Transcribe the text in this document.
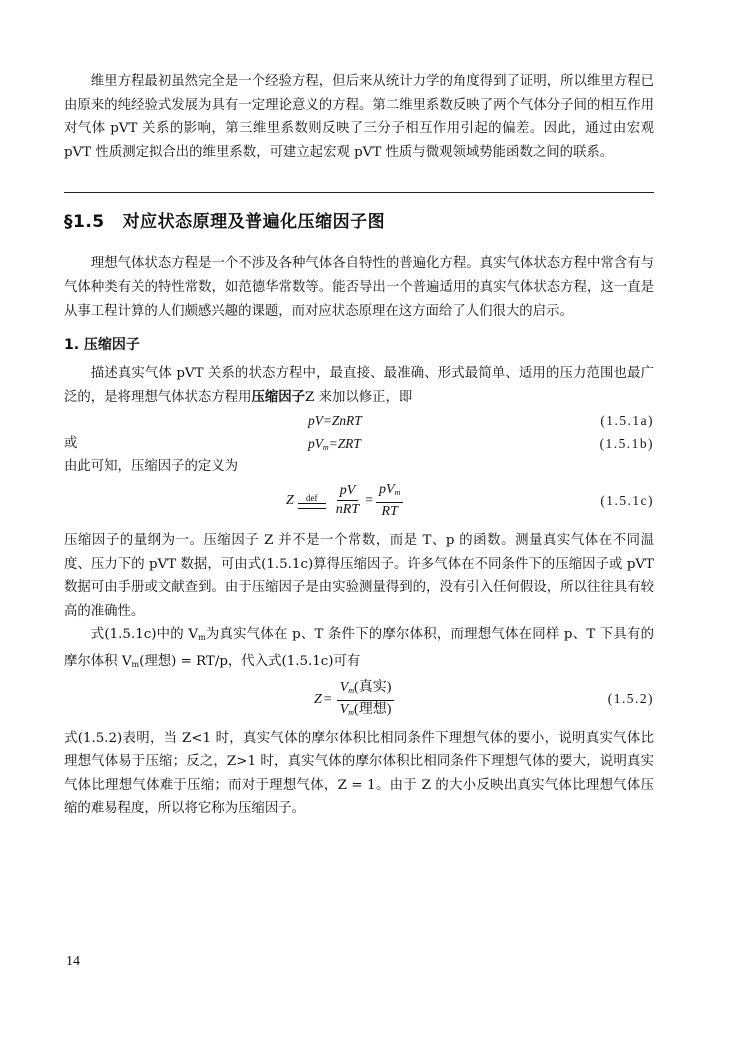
维里方程最初虽然完全是一个经验方程，但后来从统计力学的角度得到了证明，所以维里方程已由原来的纯经验式发展为具有一定理论意义的方程。第二维里系数反映了两个气体分子间的相互作用对气体 pVT 关系的影响，第三维里系数则反映了三分子相互作用引起的偏差。因此，通过由宏观 pVT 性质测定拟合出的维里系数，可建立起宏观 pVT 性质与微观领域势能函数之间的联系。

§1.5 对应状态原理及普遍化压缩因子图

理想气体状态方程是一个不涉及各种气体各自特性的普遍化方程。真实气体状态方程中常含有与气体种类有关的特性常数，如范德华常数等。能否导出一个普遍适用的真实气体状态方程，这一直是从事工程计算的人们颇感兴趣的课题，而对应状态原理在这方面给了人们很大的启示。

1. 压缩因子

描述真实气体 pVT 关系的状态方程中，最直接、最准确、形式最简单、适用的压力范围也最广泛的，是将理想气体状态方程用压缩因子Z 来加以修正，即

pV=ZnRT	(1.5.1a)
或	$pV_m=ZRT$	(1.5.1b)

由此可知，压缩因子的定义为

Z def $\frac{pV}{\text{nRT}} = \frac{pV_m}{RT}$	(1.5.1c)

压缩因子的量纲为一。压缩因子 Z 并不是一个常数，而是 T、p 的函数。测量真实气体在不同温度、压力下的 pVT 数据，可由式(1.5.1c)算得压缩因子。许多气体在不同条件下的压缩因子或 pVT 数据可由手册或文献查到。由于压缩因子是由实验测量得到的，没有引入任何假设，所以往往具有较高的准确性。

式(1.5.1c)中的 $V_m$为真实气体在 p、T 条件下的摩尔体积，而理想气体在同样 p、T 下具有的摩尔体积 $V_m$(理想) = RT/p，代入式(1.5.1c)可有

$Z = \frac{V_m(真实)}{V_m(理想)}$	(1.5.2)

式(1.5.2)表明，当 Z<1 时，真实气体的摩尔体积比相同条件下理想气体的要小，说明真实气体比理想气体易于压缩；反之，Z>1 时，真实气体的摩尔体积比相同条件下理想气体的要大，说明真实气体比理想气体难于压缩；而对于理想气体，Z = 1。由于 Z 的大小反映出真实气体比理想气体压缩的难易程度，所以将它称为压缩因子。

14
